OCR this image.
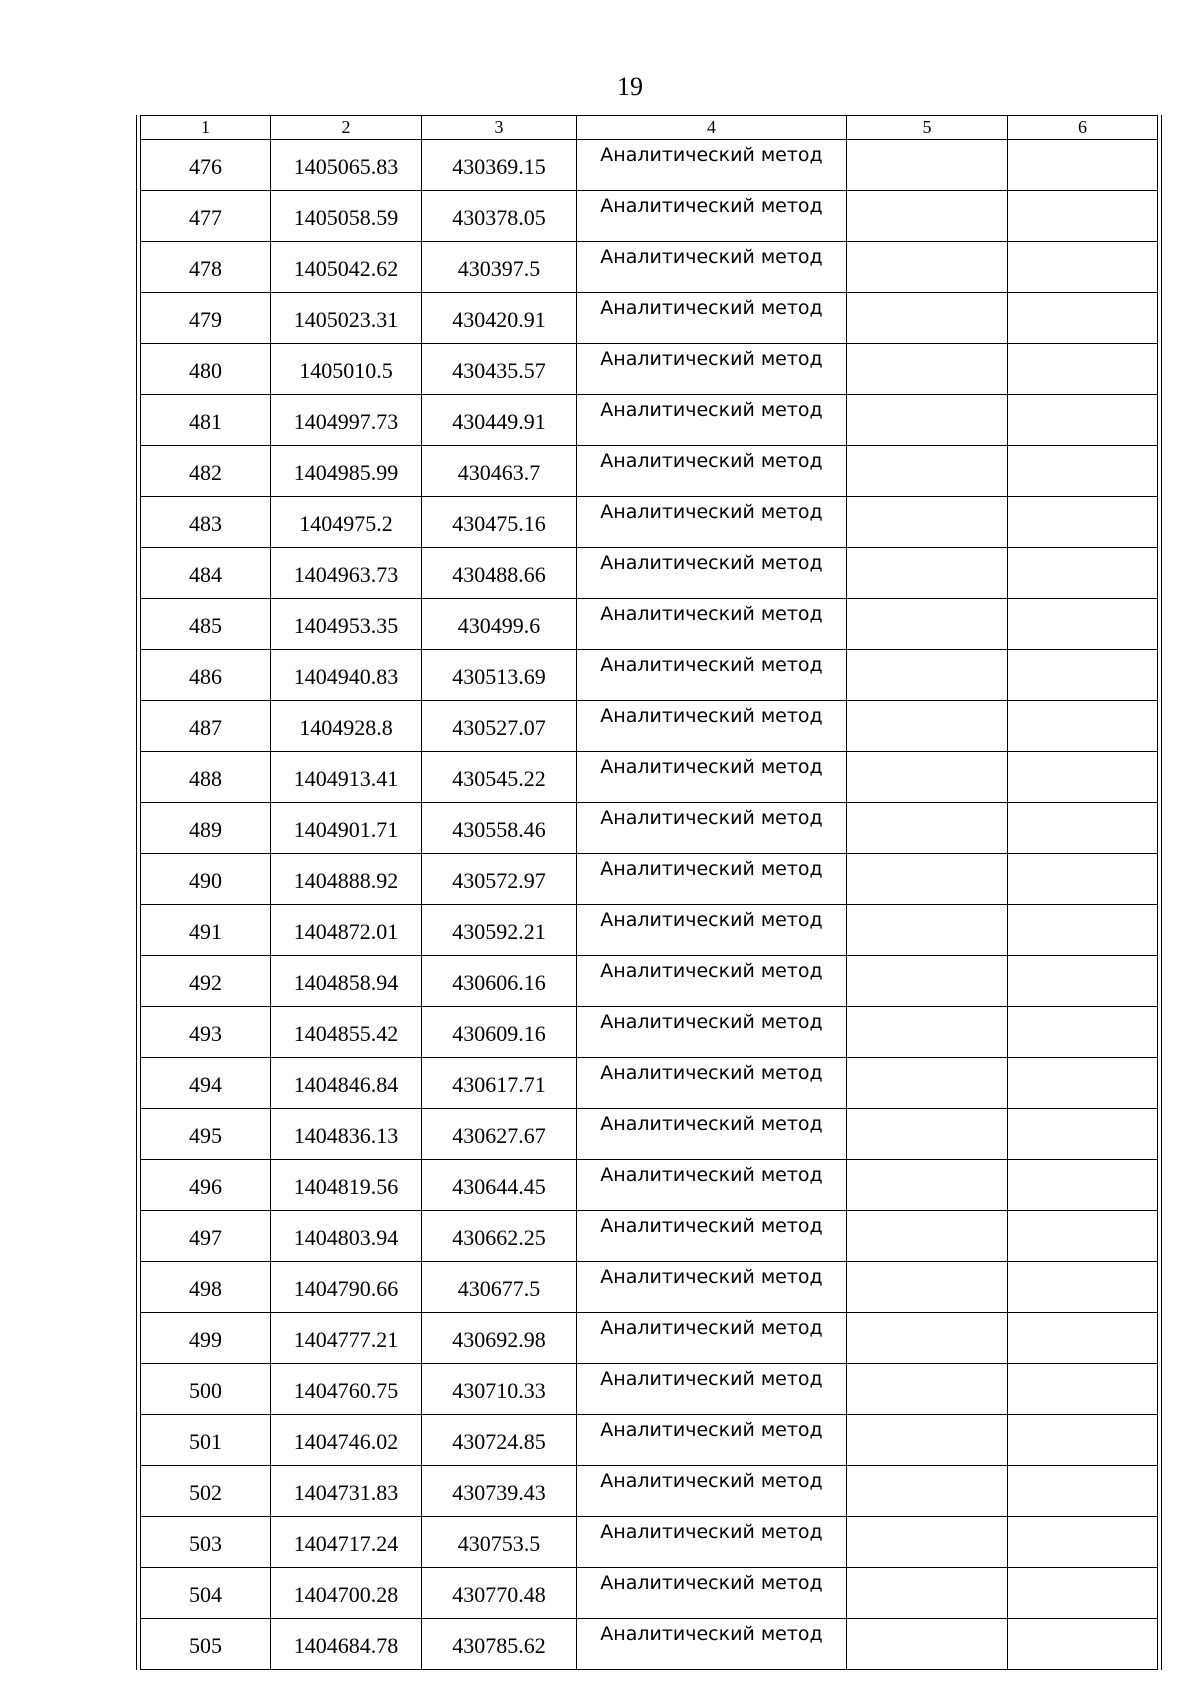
19
1	2	3	4	5	6
476	1405065.83	430369.15	Аналитический метод		
477	1405058.59	430378.05	Аналитический метод		
478	1405042.62	430397.5	Аналитический метод		
479	1405023.31	430420.91	Аналитический метод		
480	1405010.5	430435.57	Аналитический метод		
481	1404997.73	430449.91	Аналитический метод		
482	1404985.99	430463.7	Аналитический метод		
483	1404975.2	430475.16	Аналитический метод		
484	1404963.73	430488.66	Аналитический метод		
485	1404953.35	430499.6	Аналитический метод		
486	1404940.83	430513.69	Аналитический метод		
487	1404928.8	430527.07	Аналитический метод		
488	1404913.41	430545.22	Аналитический метод		
489	1404901.71	430558.46	Аналитический метод		
490	1404888.92	430572.97	Аналитический метод		
491	1404872.01	430592.21	Аналитический метод		
492	1404858.94	430606.16	Аналитический метод		
493	1404855.42	430609.16	Аналитический метод		
494	1404846.84	430617.71	Аналитический метод		
495	1404836.13	430627.67	Аналитический метод		
496	1404819.56	430644.45	Аналитический метод		
497	1404803.94	430662.25	Аналитический метод		
498	1404790.66	430677.5	Аналитический метод		
499	1404777.21	430692.98	Аналитический метод		
500	1404760.75	430710.33	Аналитический метод		
501	1404746.02	430724.85	Аналитический метод		
502	1404731.83	430739.43	Аналитический метод		
503	1404717.24	430753.5	Аналитический метод		
504	1404700.28	430770.48	Аналитический метод		
505	1404684.78	430785.62	Аналитический метод		
